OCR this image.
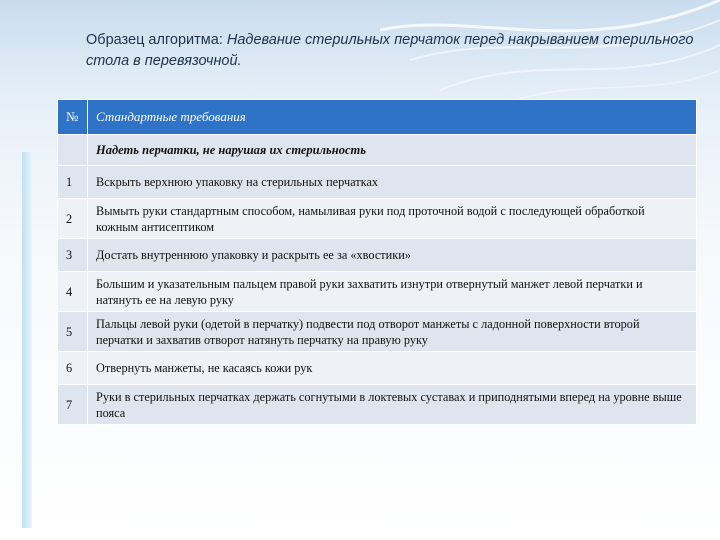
Образец алгоритма: Надевание стерильных перчаток перед накрыванием стерильного стола в перевязочной.
№	Стандартные требования
	Надеть перчатки, не нарушая их стерильность
1	Вскрыть верхнюю упаковку на стерильных перчатках
2	Вымыть руки стандартным способом, намыливая руки под проточной водой с последующей обработкой кожным антисептиком
3	Достать внутреннюю упаковку и раскрыть ее за «хвостики»
4	Большим и указательным пальцем правой руки захватить изнутри отвернутый манжет левой перчатки и натянуть ее на левую руку
5	Пальцы левой руки (одетой в перчатку) подвести под отворот манжеты с ладонной поверхности второй перчатки и захватив отворот натянуть перчатку на правую руку
6	Отвернуть манжеты, не касаясь кожи рук
7	Руки в стерильных перчатках держать согнутыми в локтевых суставах и приподнятыми вперед на уровне выше пояса
